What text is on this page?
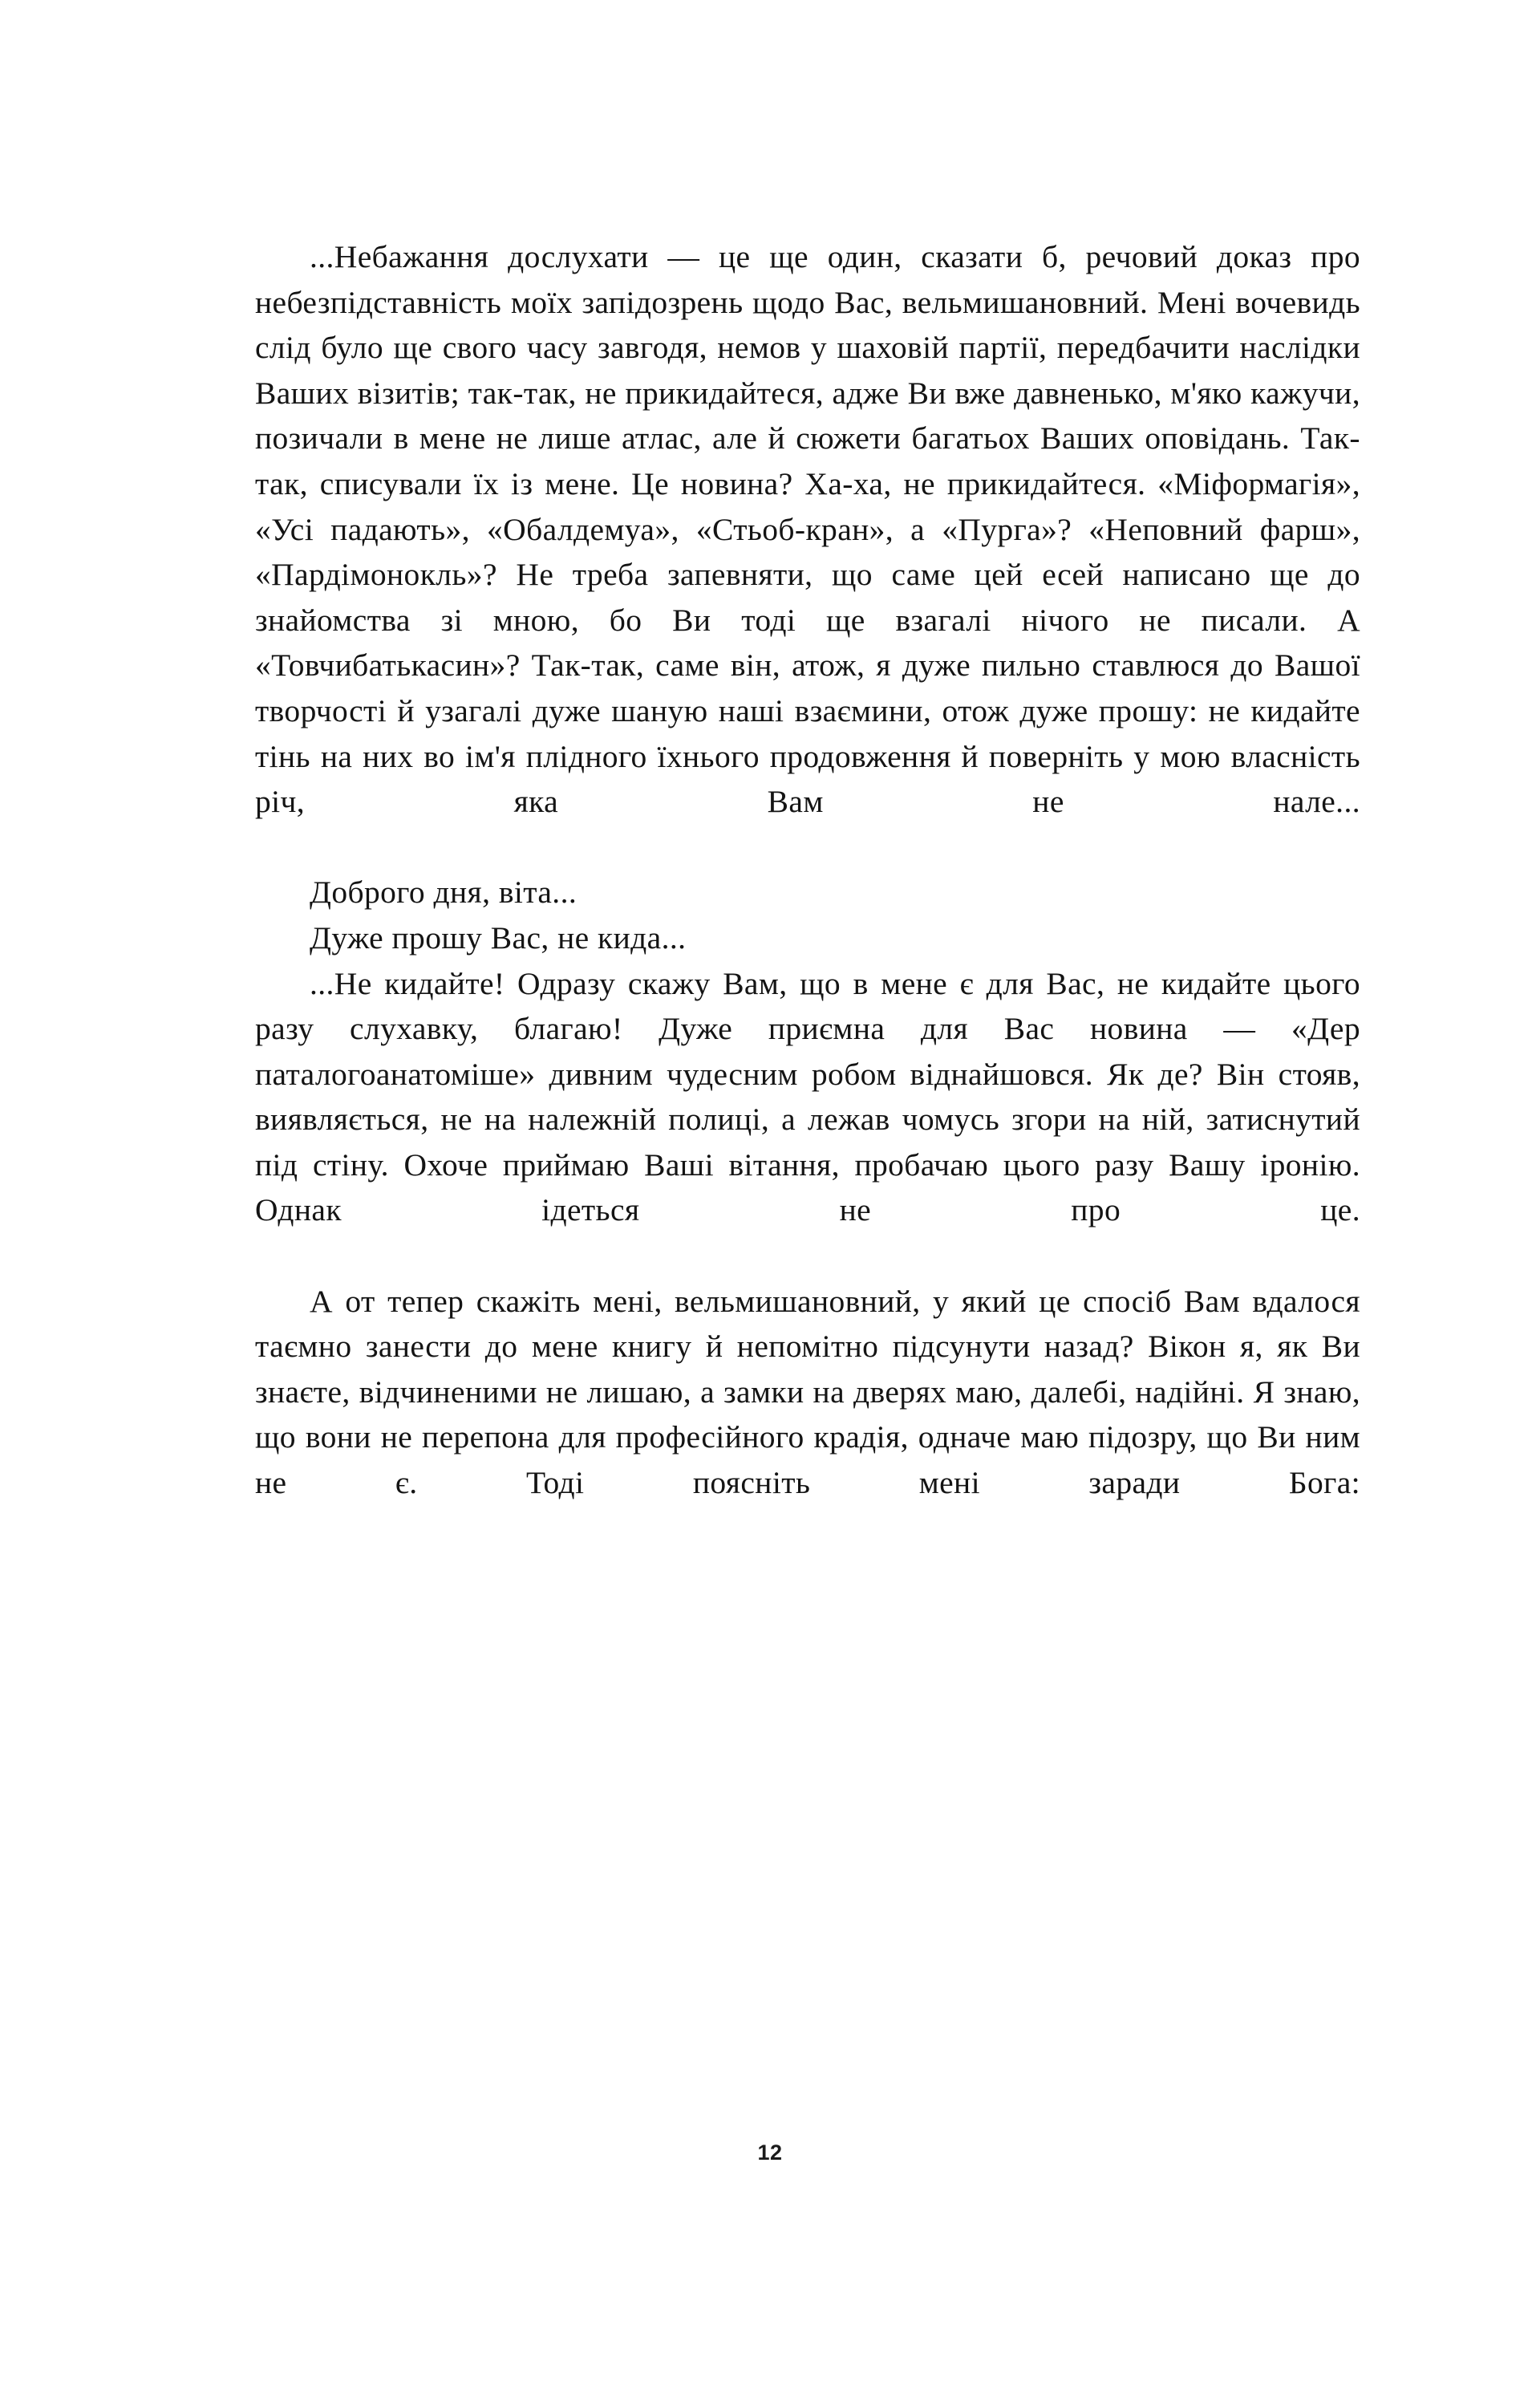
...Небажання дослухати — це ще один, сказати б, речовий доказ про небезпідставність моїх запідозрень щодо Вас, вельмишановний. Мені вочевидь слід було ще свого часу завгодя, немов у шаховій партії, передбачити наслідки Ваших візитів; так-так, не прикидайтеся, адже Ви вже давненько, м'яко кажучи, позичали в мене не лише атлас, але й сюжети багатьох Ваших оповідань. Так-так, списували їх із мене. Це новина? Ха-ха, не прикидайтеся. «Міформагія», «Усі падають», «Обалдемуа», «Стьоб-кран», а «Пурга»? «Неповний фарш», «Пардімонокль»? Не треба запевняти, що саме цей есей написано ще до знайомства зі мною, бо Ви тоді ще взагалі нічого не писали. А «Товчибатькасин»? Так-так, саме він, атож, я дуже пильно ставлюся до Вашої творчості й узагалі дуже шаную наші взаємини, отож дуже прошу: не кидайте тінь на них во ім'я плідного їхнього продовження й поверніть у мою власність річ, яка Вам не нале...

Доброго дня, віта...

Дуже прошу Вас, не кида...

...Не кидайте! Одразу скажу Вам, що в мене є для Вас, не кидайте цього разу слухавку, благаю! Дуже приємна для Вас новина — «Дер паталогоанатоміше» дивним чудесним робом віднайшовся. Як де? Він стояв, виявляється, не на належній полиці, а лежав чомусь згори на ній, затиснутий під стіну. Охоче приймаю Ваші вітання, пробачаю цього разу Вашу іронію. Однак ідеться не про це.

А от тепер скажіть мені, вельмишановний, у який це спосіб Вам вдалося таємно занести до мене книгу й непомітно підсунути назад? Вікон я, як Ви знаєте, відчиненими не лишаю, а замки на дверях маю, далебі, надійні. Я знаю, що вони не перепона для професійного крадія, одначе маю підозру, що Ви ним не є. Тоді поясніть мені заради Бога:

12
